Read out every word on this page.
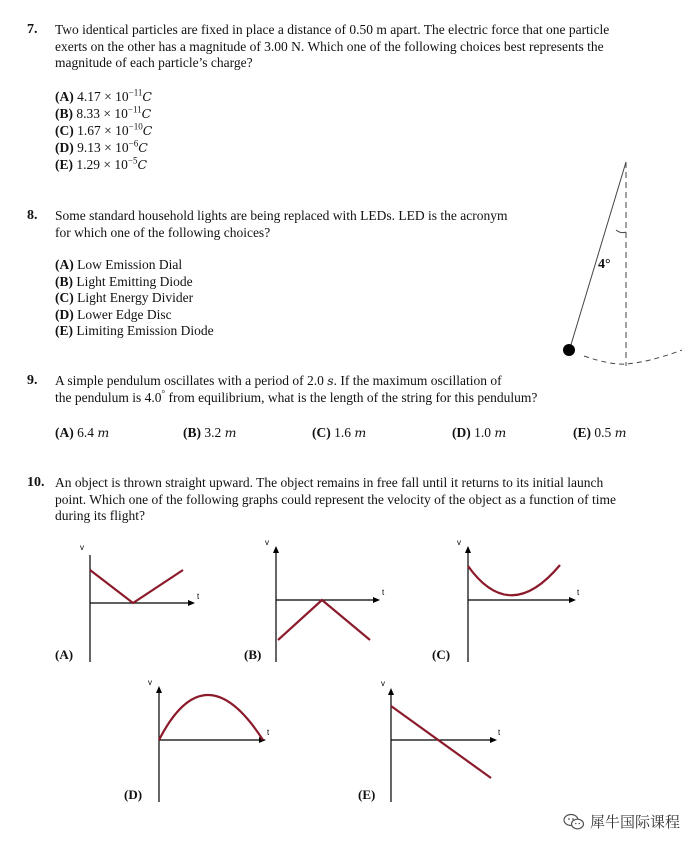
7. Two identical particles are fixed in place a distance of 0.50 m apart. The electric force that one particle
exerts on the other has a magnitude of 3.00 N. Which one of the following choices best represents the
magnitude of each particle’s charge?
(A) $4.17 \times 10^{-11}C$
(B) $8.33 \times 10^{-11}C$
(C) $1.67 \times 10^{-10}C$
(D) $9.13 \times 10^{-6}C$
(E) $1.29 \times 10^{-5}C$
8. Some standard household lights are being replaced with LEDs. LED is the acronym
for which one of the following choices?
(A) Low Emission Dial
(B) Light Emitting Diode
(C) Light Energy Divider
(D) Lower Edge Disc
(E) Limiting Emission Diode
4°
9. A simple pendulum oscillates with a period of 2.0 s. If the maximum oscillation of
the pendulum is 4.0° from equilibrium, what is the length of the string for this pendulum?
(A) 6.4 m	(B) 3.2 m	(C) 1.6 m	(D) 1.0 m	(E) 0.5 m
10. An object is thrown straight upward. The object remains in free fall until it returns to its initial launch
point. Which one of the following graphs could represent the velocity of the object as a function of time
during its flight?
v
t
(A)
v
t
(B)
v
t
(C)
v
t
(D)
v
t
(E)
犀牛国际课程
